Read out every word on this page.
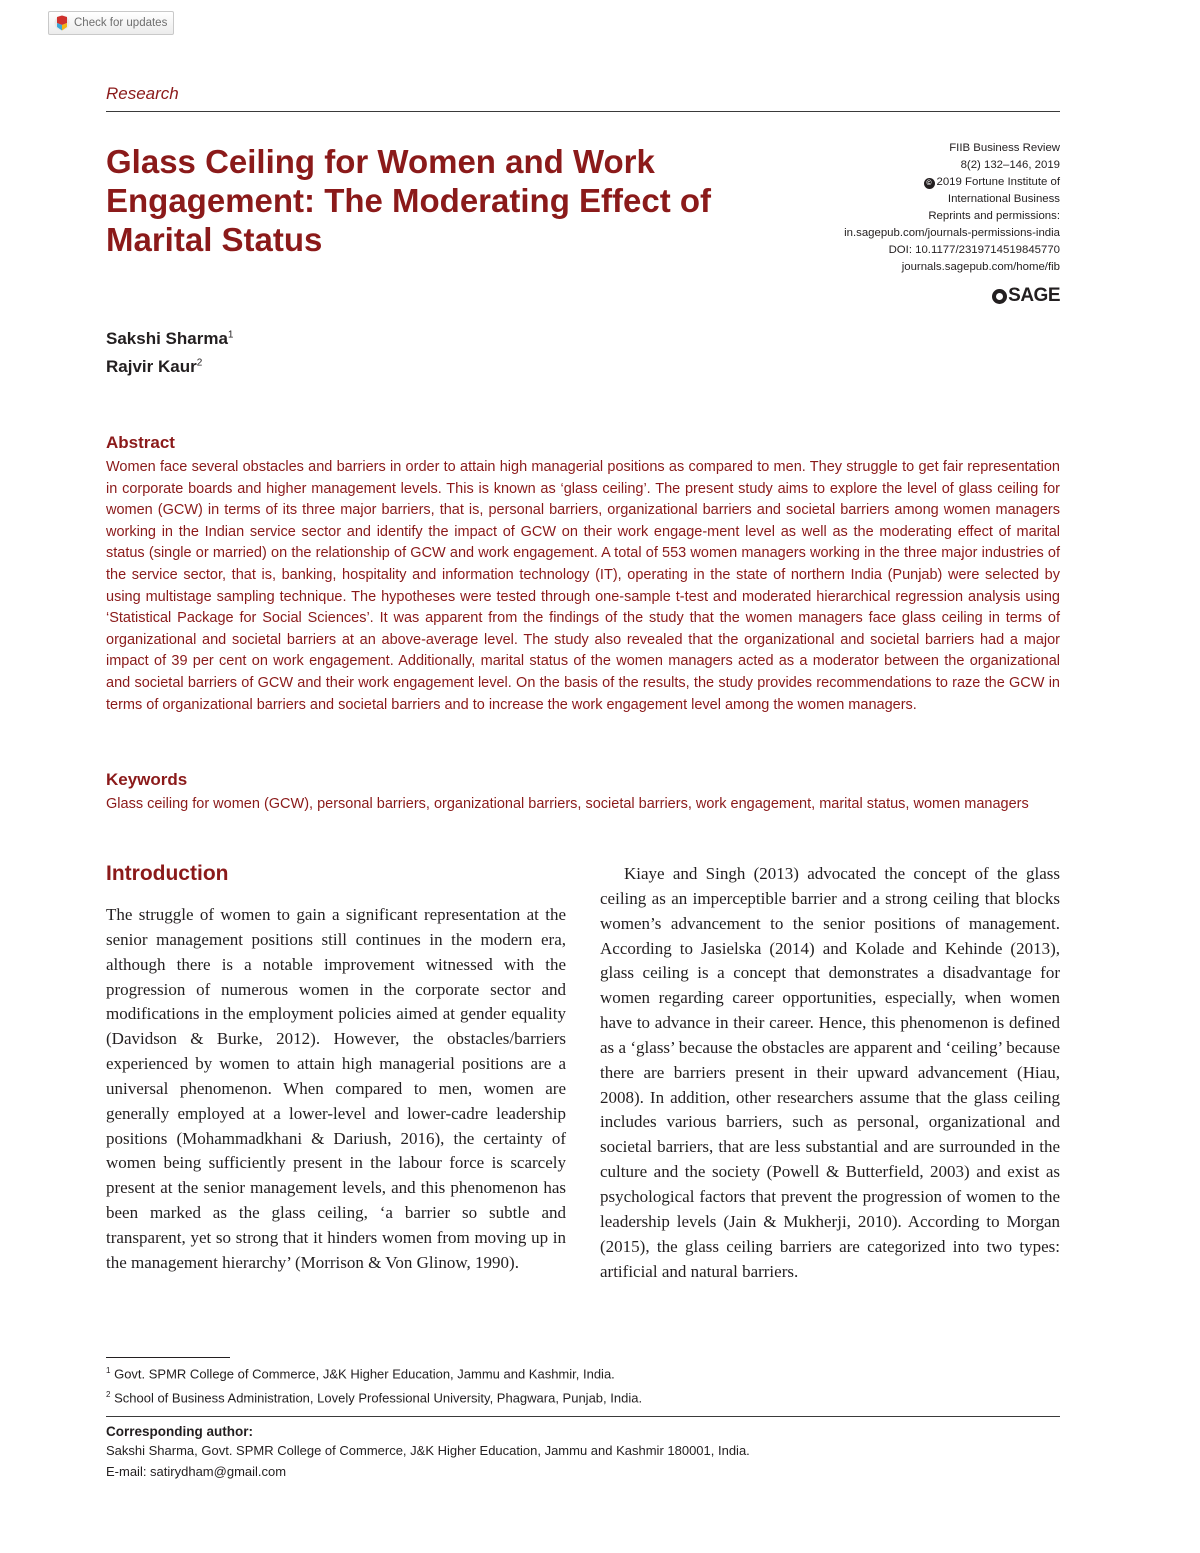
Check for updates
Research
Glass Ceiling for Women and Work Engagement: The Moderating Effect of Marital Status
FIIB Business Review
8(2) 132–146, 2019
© 2019 Fortune Institute of
International Business
Reprints and permissions:
in.sagepub.com/journals-permissions-india
DOI: 10.1177/2319714519845770
journals.sagepub.com/home/fib
SAGE
Sakshi Sharma$^1$
Rajvir Kaur$^2$
Abstract

Women face several obstacles and barriers in order to attain high managerial positions as compared to men. They struggle to get fair representation in corporate boards and higher management levels. This is known as ‘glass ceiling’. The present study aims to explore the level of glass ceiling for women (GCW) in terms of its three major barriers, that is, personal barriers, organizational barriers and societal barriers among women managers working in the Indian service sector and identify the impact of GCW on their work engage-ment level as well as the moderating effect of marital status (single or married) on the relationship of GCW and work engagement. A total of 553 women managers working in the three major industries of the service sector, that is, banking, hospitality and information technology (IT), operating in the state of northern India (Punjab) were selected by using multistage sampling technique. The hypotheses were tested through one-sample t-test and moderated hierarchical regression analysis using ‘Statistical Package for Social Sciences’. It was apparent from the findings of the study that the women managers face glass ceiling in terms of organizational and societal barriers at an above-average level. The study also revealed that the organizational and societal barriers had a major impact of 39 per cent on work engagement. Additionally, marital status of the women managers acted as a moderator between the organizational and societal barriers of GCW and their work engagement level. On the basis of the results, the study provides recommendations to raze the GCW in terms of organizational barriers and societal barriers and to increase the work engagement level among the women managers.

Keywords

Glass ceiling for women (GCW), personal barriers, organizational barriers, societal barriers, work engagement, marital status, women managers

Introduction

The struggle of women to gain a significant representation at the senior management positions still continues in the modern era, although there is a notable improvement witnessed with the progression of numerous women in the corporate sector and modifications in the employment policies aimed at gender equality (Davidson & Burke, 2012). However, the obstacles/barriers experienced by women to attain high managerial positions are a universal phenomenon. When compared to men, women are generally employed at a lower-level and lower-cadre leadership positions (Mohammadkhani & Dariush, 2016), the certainty of women being sufficiently present in the labour force is scarcely present at the senior management levels, and this phenomenon has been marked as the glass ceiling, ‘a barrier so subtle and transparent, yet so strong that it hinders women from moving up in the management hierarchy’ (Morrison & Von Glinow, 1990).

Kiaye and Singh (2013) advocated the concept of the glass ceiling as an imperceptible barrier and a strong ceiling that blocks women’s advancement to the senior positions of management. According to Jasielska (2014) and Kolade and Kehinde (2013), glass ceiling is a concept that demonstrates a disadvantage for women regarding career opportunities, especially, when women have to advance in their career. Hence, this phenomenon is defined as a ‘glass’ because the obstacles are apparent and ‘ceiling’ because there are barriers present in their upward advancement (Hiau, 2008). In addition, other researchers assume that the glass ceiling includes various barriers, such as personal, organizational and societal barriers, that are less substantial and are surrounded in the culture and the society (Powell & Butterfield, 2003) and exist as psychological factors that prevent the progression of women to the leadership levels (Jain & Mukherji, 2010). According to Morgan (2015), the glass ceiling barriers are categorized into two types: artificial and natural barriers.

$^1$ Govt. SPMR College of Commerce, J&K Higher Education, Jammu and Kashmir, India.
$^2$ School of Business Administration, Lovely Professional University, Phagwara, Punjab, India.
Corresponding author:
Sakshi Sharma, Govt. SPMR College of Commerce, J&K Higher Education, Jammu and Kashmir 180001, India.
E-mail: satirydham@gmail.com
